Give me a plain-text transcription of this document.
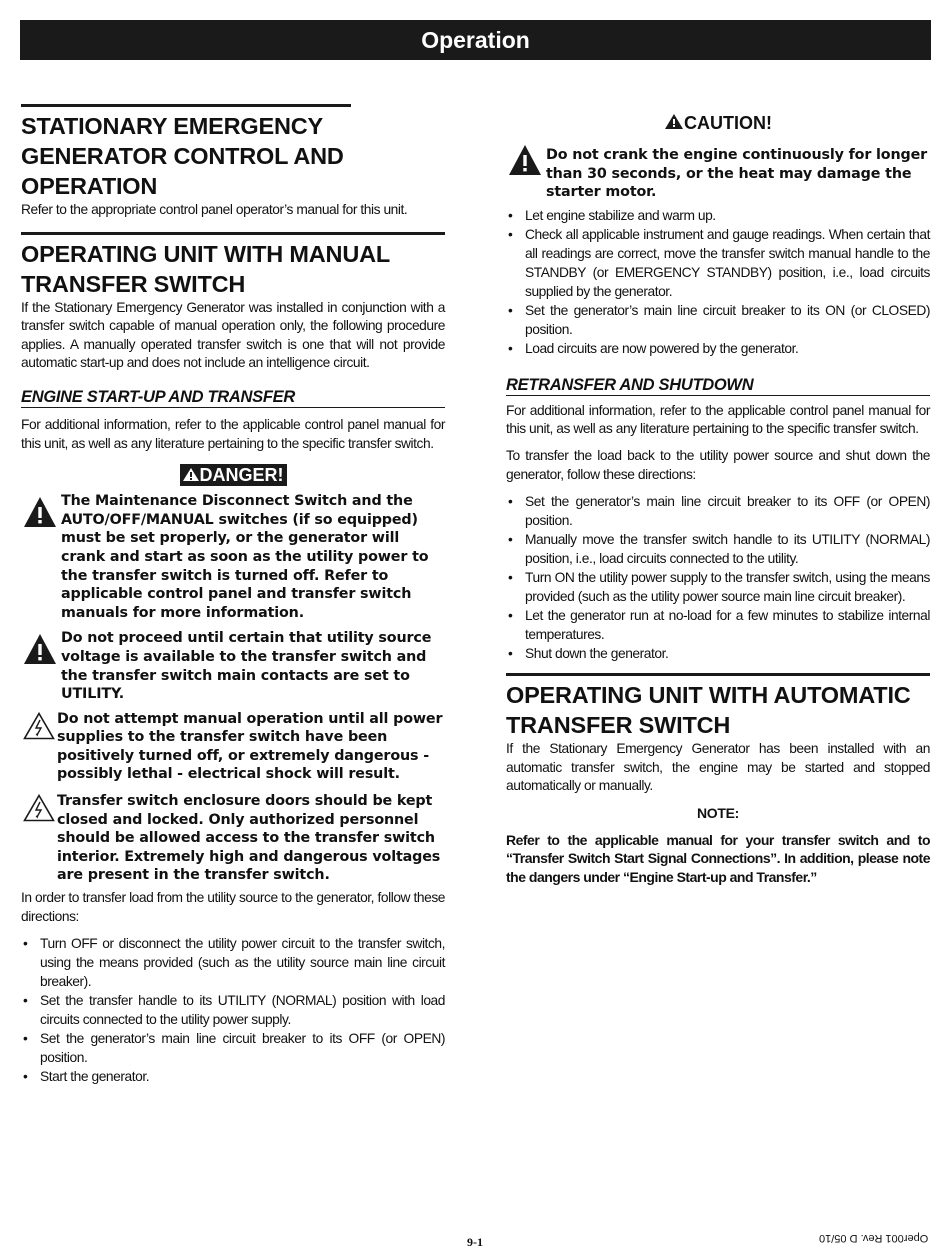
Operation
STATIONARY EMERGENCY GENERATOR CONTROL AND OPERATION

Refer to the appropriate control panel operator’s manual for this unit.

OPERATING UNIT WITH MANUAL TRANSFER SWITCH

If the Stationary Emergency Generator was installed in conjunction with a transfer switch capable of manual operation only, the following procedure applies. A manually operated transfer switch is one that will not provide automatic start-up and does not include an intelligence circuit.

ENGINE START-UP AND TRANSFER

For additional information, refer to the applicable control panel manual for this unit, as well as any literature pertaining to the specific transfer switch.

DANGER!
The Maintenance Disconnect Switch and the AUTO/OFF/MANUAL switches (if so equipped) must be set properly, or the generator will crank and start as soon as the utility power to the transfer switch is turned off. Refer to applicable control panel and transfer switch manuals for more information.
Do not proceed until certain that utility source voltage is available to the transfer switch and the transfer switch main contacts are set to UTILITY.
Do not attempt manual operation until all power supplies to the transfer switch have been positively turned off, or extremely dangerous - possibly lethal - electrical shock will result.
Transfer switch enclosure doors should be kept closed and locked. Only authorized personnel should be allowed access to the transfer switch interior. Extremely high and dangerous voltages are present in the transfer switch.

In order to transfer load from the utility source to the generator, follow these directions:

• Turn OFF or disconnect the utility power circuit to the transfer switch, using the means provided (such as the utility source main line circuit breaker).
• Set the transfer handle to its UTILITY (NORMAL) position with load circuits connected to the utility power supply.
• Set the generator’s main line circuit breaker to its OFF (or OPEN) position.
• Start the generator.
CAUTION!
Do not crank the engine continuously for longer than 30 seconds, or the heat may damage the starter motor.
• Let engine stabilize and warm up.
• Check all applicable instrument and gauge readings. When certain that all readings are correct, move the transfer switch manual handle to the STANDBY (or EMERGENCY STANDBY) position, i.e., load circuits supplied by the generator.
• Set the generator’s main line circuit breaker to its ON (or CLOSED) position.
• Load circuits are now powered by the generator.
RETRANSFER AND SHUTDOWN

For additional information, refer to the applicable control panel manual for this unit, as well as any literature pertaining to the specific transfer switch.

To transfer the load back to the utility power source and shut down the generator, follow these directions:

• Set the generator’s main line circuit breaker to its OFF (or OPEN) position.
• Manually move the transfer switch handle to its UTILITY (NORMAL) position, i.e., load circuits connected to the utility.
• Turn ON the utility power supply to the transfer switch, using the means provided (such as the utility power source main line circuit breaker).
• Let the generator run at no-load for a few minutes to stabilize internal temperatures.
• Shut down the generator.
OPERATING UNIT WITH AUTOMATIC TRANSFER SWITCH

If the Stationary Emergency Generator has been installed with an automatic transfer switch, the engine may be started and stopped automatically or manually.

NOTE:

Refer to the applicable manual for your transfer switch and to “Transfer Switch Start Signal Connections”. In addition, please note the dangers under “Engine Start-up and Transfer.”

9-1	Oper001 Rev. D 05/10
